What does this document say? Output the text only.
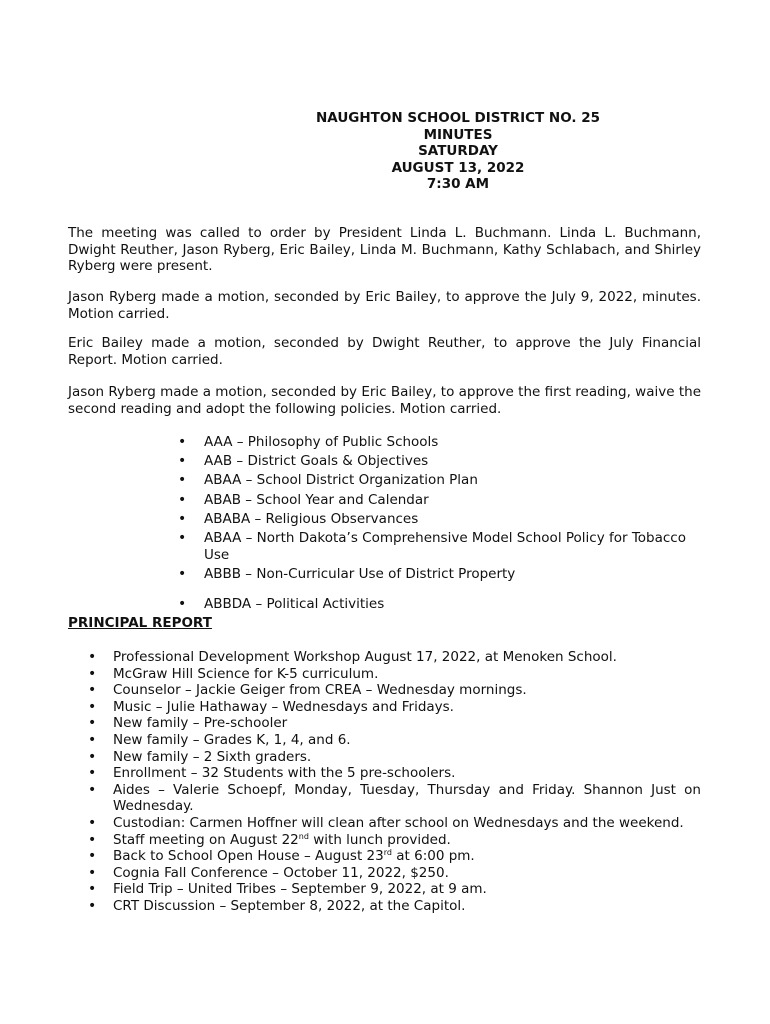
NAUGHTON SCHOOL DISTRICT NO. 25
MINUTES
SATURDAY
AUGUST 13, 2022
7:30 AM
The meeting was called to order by President Linda L. Buchmann. Linda L. Buchmann, Dwight Reuther, Jason Ryberg, Eric Bailey, Linda M. Buchmann, Kathy Schlabach, and Shirley Ryberg were present.
Jason Ryberg made a motion, seconded by Eric Bailey, to approve the July 9, 2022, minutes. Motion carried.
Eric Bailey made a motion, seconded by Dwight Reuther, to approve the July Financial Report. Motion carried.
Jason Ryberg made a motion, seconded by Eric Bailey, to approve the first reading, waive the second reading and adopt the following policies. Motion carried.
• AAA – Philosophy of Public Schools
• AAB – District Goals & Objectives
• ABAA – School District Organization Plan
• ABAB – School Year and Calendar
• ABABA – Religious Observances
• ABAA – North Dakota’s Comprehensive Model School Policy for Tobacco Use
• ABBB – Non-Curricular Use of District Property
• ABBDA – Political Activities
PRINCIPAL REPORT
• Professional Development Workshop August 17, 2022, at Menoken School.
• McGraw Hill Science for K-5 curriculum.
• Counselor – Jackie Geiger from CREA – Wednesday mornings.
• Music – Julie Hathaway – Wednesdays and Fridays.
• New family – Pre-schooler
• New family – Grades K, 1, 4, and 6.
• New family – 2 Sixth graders.
• Enrollment – 32 Students with the 5 pre-schoolers.
• Aides – Valerie Schoepf, Monday, Tuesday, Thursday and Friday. Shannon Just on Wednesday.
• Custodian: Carmen Hoffner will clean after school on Wednesdays and the weekend.
• Staff meeting on August 22nd with lunch provided.
• Back to School Open House – August 23rd at 6:00 pm.
• Cognia Fall Conference – October 11, 2022, $250.
• Field Trip – United Tribes – September 9, 2022, at 9 am.
• CRT Discussion – September 8, 2022, at the Capitol.
